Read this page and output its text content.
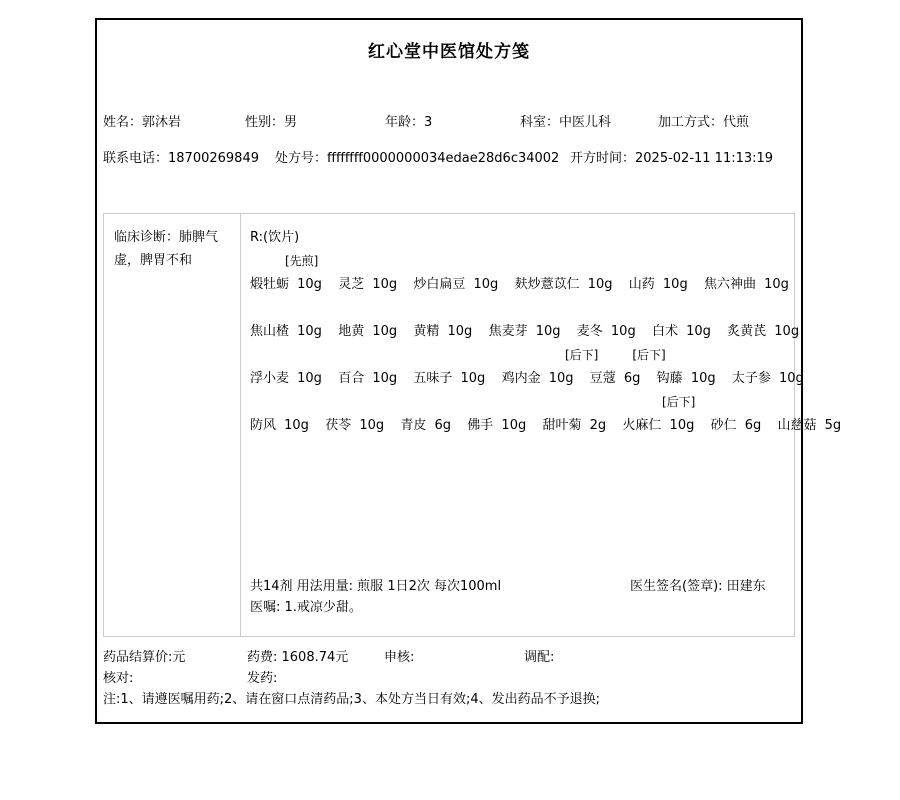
红心堂中医馆处方笺
姓名：郭沐岩	性别：男	年龄：3	科室：中医儿科	加工方式：代煎
联系电话：18700269849 处方号：ffffffff0000000034edae28d6c34002 开方时间：2025-02-11 11:13:19
临床诊断：肺脾气虚，脾胃不和
R:(饮片)
[先煎]
煅牡蛎 10g  灵芝 10g  炒白扁豆 10g  麸炒薏苡仁 10g  山药 10g  焦六神曲 10g
焦山楂 10g  地黄 10g  黄精 10g  焦麦芽 10g  麦冬 10g  白术 10g  炙黄芪 10g
[后下]	[后下]
浮小麦 10g  百合 10g  五味子 10g  鸡内金 10g  豆蔻 6g  钩藤 10g  太子参 10g
[后下]
防风 10g  茯苓 10g  青皮 6g  佛手 10g  甜叶菊 2g  火麻仁 10g  砂仁 6g  山慈菇 5g
共14剂 用法用量: 煎服 1日2次 每次100ml
医嘱: 1.戒凉少甜。
医生签名(签章): 田建东
药品结算价:元	药费: 1608.74元	申核:	调配:
核对:	发药:
注:1、请遵医嘱用药;2、请在窗口点清药品;3、本处方当日有效;4、发出药品不予退换;
